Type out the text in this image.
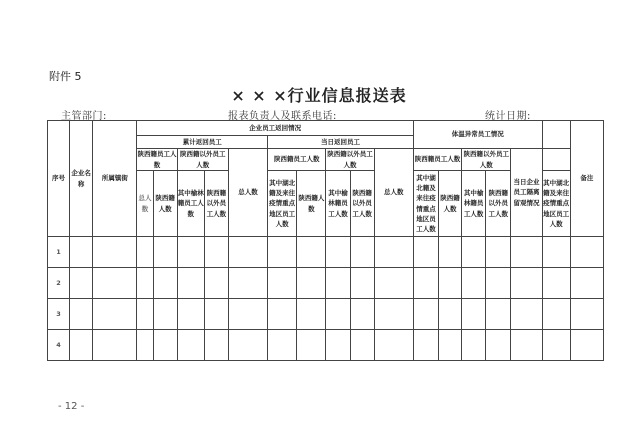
附件 5
× × ×行业信息报送表
主管部门:	报表负责人及联系电话:	统计日期:
序号	企业名称	所属镇街	企业员工返回情况										体温异常员工情况						备注
			累计返回员工					当日返回员工											
			陕西籍员工人数		陕西籍以外员工人数		总人数	陕西籍员工人数		陕西籍以外员工人数		总人数	陕西籍员工人数		陕西籍以外员工人数		当日企业员工隔离留观情况		
			总人数	陕西籍人数	其中榆林籍员工人数	陕西籍以外员工人数		其中湖北籍及来往疫情重点地区员工人数	陕西籍人数	其中榆林籍员工人数	陕西籍以外员工人数		其中湖北籍及来往疫情重点地区员工人数	陕西籍人数	其中榆林籍员工人数	陕西籍以外员工人数		其中湖北籍及来往疫情重点地区员工人数	
1																			
2																			
3																			
4																			
- 12 -
